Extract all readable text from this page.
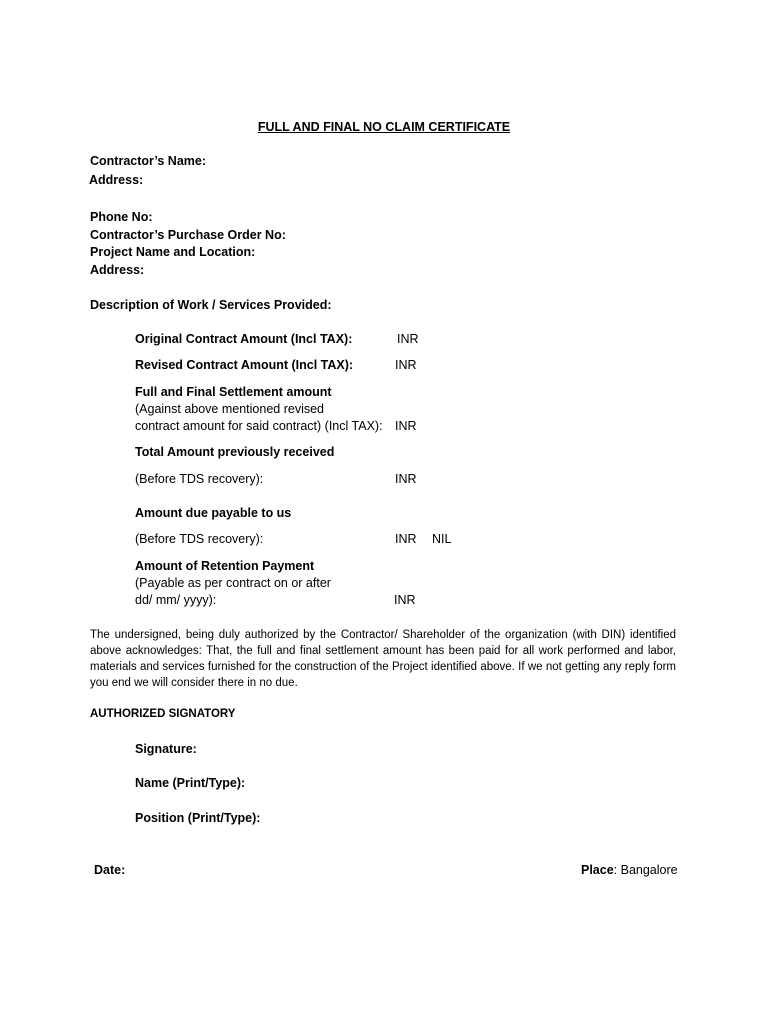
FULL AND FINAL NO CLAIM CERTIFICATE
Contractor’s Name:
Address:
Phone No:
Contractor’s Purchase Order No:
Project Name and Location:
Address:
Description of Work / Services Provided:
Original Contract Amount (Incl TAX):	INR
Revised Contract Amount (Incl TAX):	INR
Full and Final Settlement amount
(Against above mentioned revised
contract amount for said contract) (Incl TAX): INR
Total Amount previously received
(Before TDS recovery):	INR
Amount due payable to us
(Before TDS recovery):	INR NIL
Amount of Retention Payment
(Payable as per contract on or after
dd/ mm/ yyyy):	INR
The undersigned, being duly authorized by the Contractor/ Shareholder of the organization (with DIN) identified above acknowledges: That, the full and final settlement amount has been paid for all work performed and labor, materials and services furnished for the construction of the Project identified above. If we not getting any reply form you end we will consider there in no due.
AUTHORIZED SIGNATORY
Signature:
Name (Print/Type):
Position (Print/Type):
Date:	Place: Bangalore
